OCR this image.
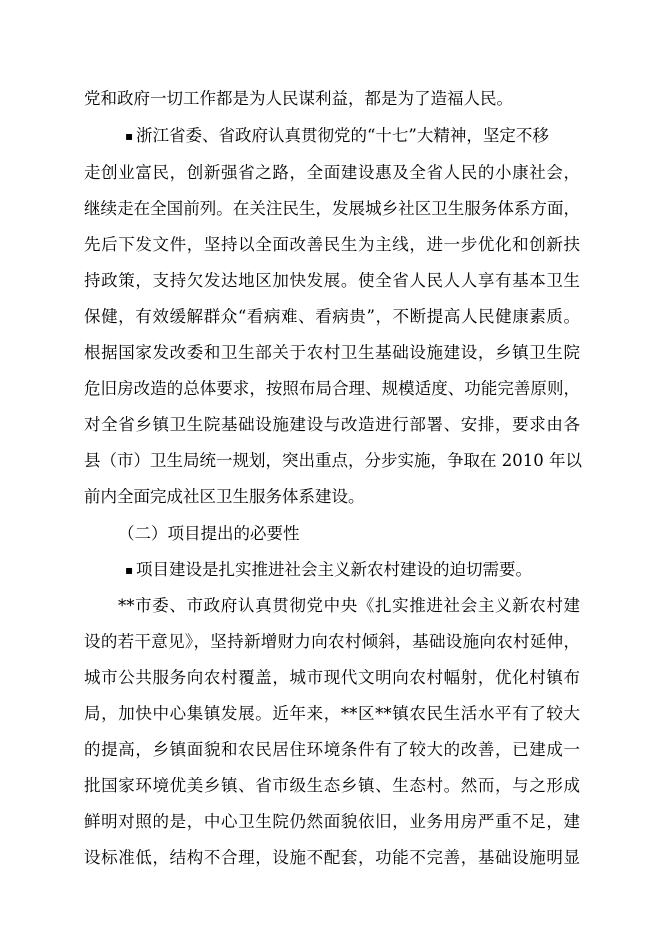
党和政府一切工作都是为人民谋利益，都是为了造福人民。
▪ 浙江省委、省政府认真贯彻党的“十七”大精神，坚定不移
走创业富民，创新强省之路，全面建设惠及全省人民的小康社会，
继续走在全国前列。在关注民生，发展城乡社区卫生服务体系方面，
先后下发文件，坚持以全面改善民生为主线，进一步优化和创新扶
持政策，支持欠发达地区加快发展。使全省人民人人享有基本卫生
保健，有效缓解群众“看病难、看病贵”，不断提高人民健康素质。
根据国家发改委和卫生部关于农村卫生基础设施建设，乡镇卫生院
危旧房改造的总体要求，按照布局合理、规模适度、功能完善原则，
对全省乡镇卫生院基础设施建设与改造进行部署、安排，要求由各
县（市）卫生局统一规划，突出重点，分步实施，争取在 2010 年以
前内全面完成社区卫生服务体系建设。
（二）项目提出的必要性
▪ 项目建设是扎实推进社会主义新农村建设的迫切需要。
**市委、市政府认真贯彻党中央《扎实推进社会主义新农村建
设的若干意见》，坚持新增财力向农村倾斜，基础设施向农村延伸，
城市公共服务向农村覆盖，城市现代文明向农村幅射，优化村镇布
局，加快中心集镇发展。近年来，**区**镇农民生活水平有了较大
的提高，乡镇面貌和农民居住环境条件有了较大的改善，已建成一
批国家环境优美乡镇、省市级生态乡镇、生态村。然而，与之形成
鲜明对照的是，中心卫生院仍然面貌依旧，业务用房严重不足，建
设标准低，结构不合理，设施不配套，功能不完善，基础设施明显
